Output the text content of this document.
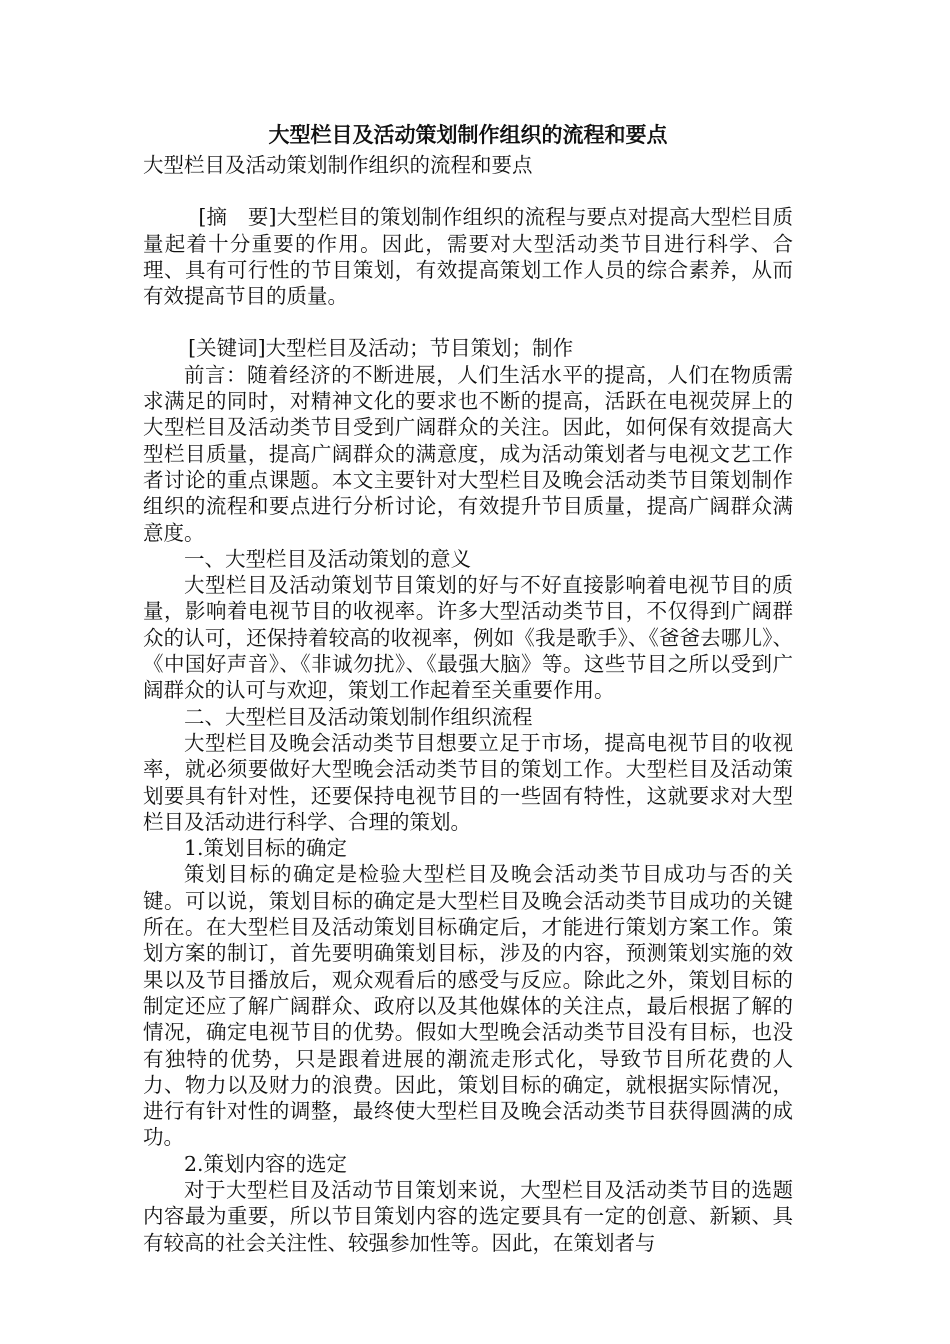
大型栏目及活动策划制作组织的流程和要点

大型栏目及活动策划制作组织的流程和要点

[摘　要]大型栏目的策划制作组织的流程与要点对提高大型栏目质量起着十分重要的作用。因此，需要对大型活动类节目进行科学、合理、具有可行性的节目策划，有效提高策划工作人员的综合素养，从而有效提高节目的质量。

[关键词]大型栏目及活动；节目策划；制作

前言：随着经济的不断进展，人们生活水平的提高，人们在物质需求满足的同时，对精神文化的要求也不断的提高，活跃在电视荧屏上的大型栏目及活动类节目受到广阔群众的关注。因此，如何保有效提高大型栏目质量，提高广阔群众的满意度，成为活动策划者与电视文艺工作者讨论的重点课题。本文主要针对大型栏目及晚会活动类节目策划制作组织的流程和要点进行分析讨论，有效提升节目质量，提高广阔群众满意度。

一、大型栏目及活动策划的意义

大型栏目及活动策划节目策划的好与不好直接影响着电视节目的质量，影响着电视节目的收视率。许多大型活动类节目，不仅得到广阔群众的认可，还保持着较高的收视率，例如《我是歌手》、《爸爸去哪儿》、《中国好声音》、《非诚勿扰》、《最强大脑》等。这些节目之所以受到广阔群众的认可与欢迎，策划工作起着至关重要作用。

二、大型栏目及活动策划制作组织流程

大型栏目及晚会活动类节目想要立足于市场，提高电视节目的收视率，就必须要做好大型晚会活动类节目的策划工作。大型栏目及活动策划要具有针对性，还要保持电视节目的一些固有特性，这就要求对大型栏目及活动进行科学、合理的策划。

1.策划目标的确定

策划目标的确定是检验大型栏目及晚会活动类节目成功与否的关键。可以说，策划目标的确定是大型栏目及晚会活动类节目成功的关键所在。在大型栏目及活动策划目标确定后，才能进行策划方案工作。策划方案的制订，首先要明确策划目标，涉及的内容，预测策划实施的效果以及节目播放后，观众观看后的感受与反应。除此之外，策划目标的制定还应了解广阔群众、政府以及其他媒体的关注点，最后根据了解的情况，确定电视节目的优势。假如大型晚会活动类节目没有目标，也没有独特的优势，只是跟着进展的潮流走形式化，导致节目所花费的人力、物力以及财力的浪费。因此，策划目标的确定，就根据实际情况，进行有针对性的调整，最终使大型栏目及晚会活动类节目获得圆满的成功。

2.策划内容的选定

对于大型栏目及活动节目策划来说，大型栏目及活动类节目的选题内容最为重要，所以节目策划内容的选定要具有一定的创意、新颖、具有较高的社会关注性、较强参加性等。因此，在策划者与
